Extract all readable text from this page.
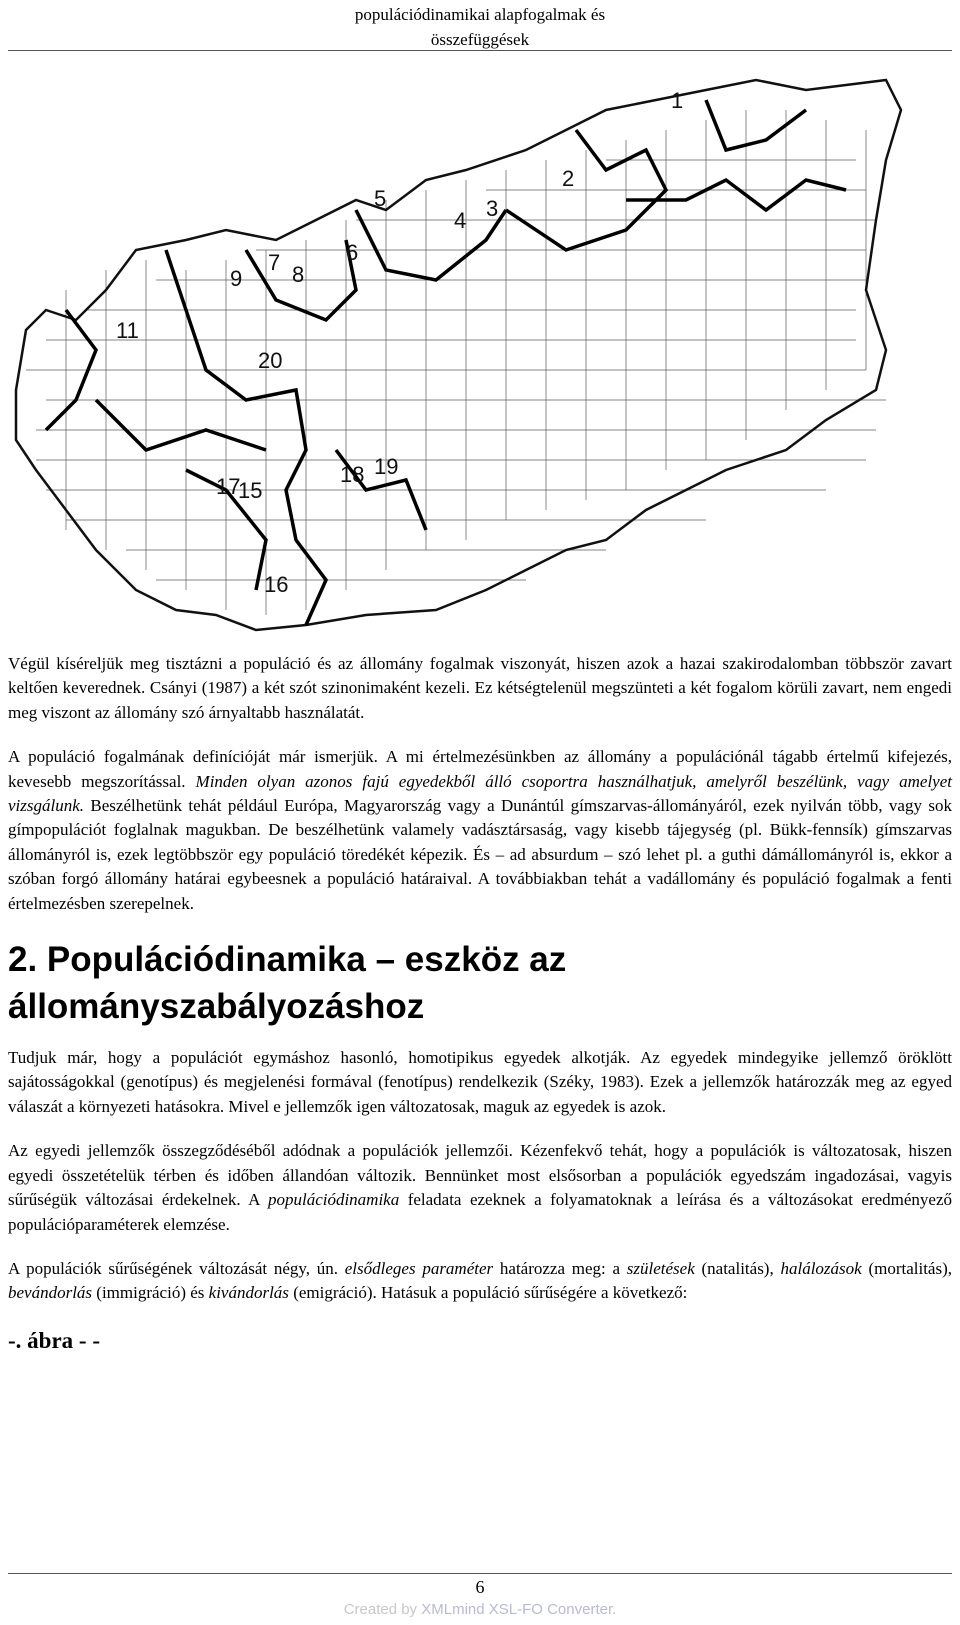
populációdinamikai alapfogalmak és
összefüggések
1
2
3
4
5
6
7 8
9
11
15
16
17	18 19
20

Végül kíséreljük meg tisztázni a populáció és az állomány fogalmak viszonyát, hiszen azok a hazai szakirodalomban többször zavart keltően keverednek. Csányi (1987) a két szót szinonimaként kezeli. Ez kétségtelenül megszünteti a két fogalom körüli zavart, nem engedi meg viszont az állomány szó árnyaltabb használatát.

A populáció fogalmának definícióját már ismerjük. A mi értelmezésünkben az állomány a populációnál tágabb értelmű kifejezés, kevesebb megszorítással. Minden olyan azonos fajú egyedekből álló csoportra használhatjuk, amelyről beszélünk, vagy amelyet vizsgálunk. Beszélhetünk tehát például Európa, Magyarország vagy a Dunántúl gímszarvas-állományáról, ezek nyilván több, vagy sok gímpopulációt foglalnak magukban. De beszélhetünk valamely vadásztársaság, vagy kisebb tájegység (pl. Bükk-fennsík) gímszarvas állományról is, ezek legtöbbször egy populáció töredékét képezik. És – ad absurdum – szó lehet pl. a guthi dámállományról is, ekkor a szóban forgó állomány határai egybeesnek a populáció határaival. A továbbiakban tehát a vadállomány és populáció fogalmak a fenti értelmezésben szerepelnek.

2. Populációdinamika – eszköz az állományszabályozáshoz

Tudjuk már, hogy a populációt egymáshoz hasonló, homotipikus egyedek alkotják. Az egyedek mindegyike jellemző öröklött sajátosságokkal (genotípus) és megjelenési formával (fenotípus) rendelkezik (Széky, 1983). Ezek a jellemzők határozzák meg az egyed válaszát a környezeti hatásokra. Mivel e jellemzők igen változatosak, maguk az egyedek is azok.

Az egyedi jellemzők összegződéséből adódnak a populációk jellemzői. Kézenfekvő tehát, hogy a populációk is változatosak, hiszen egyedi összetételük térben és időben állandóan változik. Bennünket most elsősorban a populációk egyedszám ingadozásai, vagyis sűrűségük változásai érdekelnek. A populációdinamika feladata ezeknek a folyamatoknak a leírása és a változásokat eredményező populációparaméterek elemzése.

A populációk sűrűségének változását négy, ún. elsődleges paraméter határozza meg: a születések (natalitás), halálozások (mortalitás), bevándorlás (immigráció) és kivándorlás (emigráció). Hatásuk a populáció sűrűségére a következő:

-. ábra - -
6
Created by XMLmind XSL-FO Converter.
